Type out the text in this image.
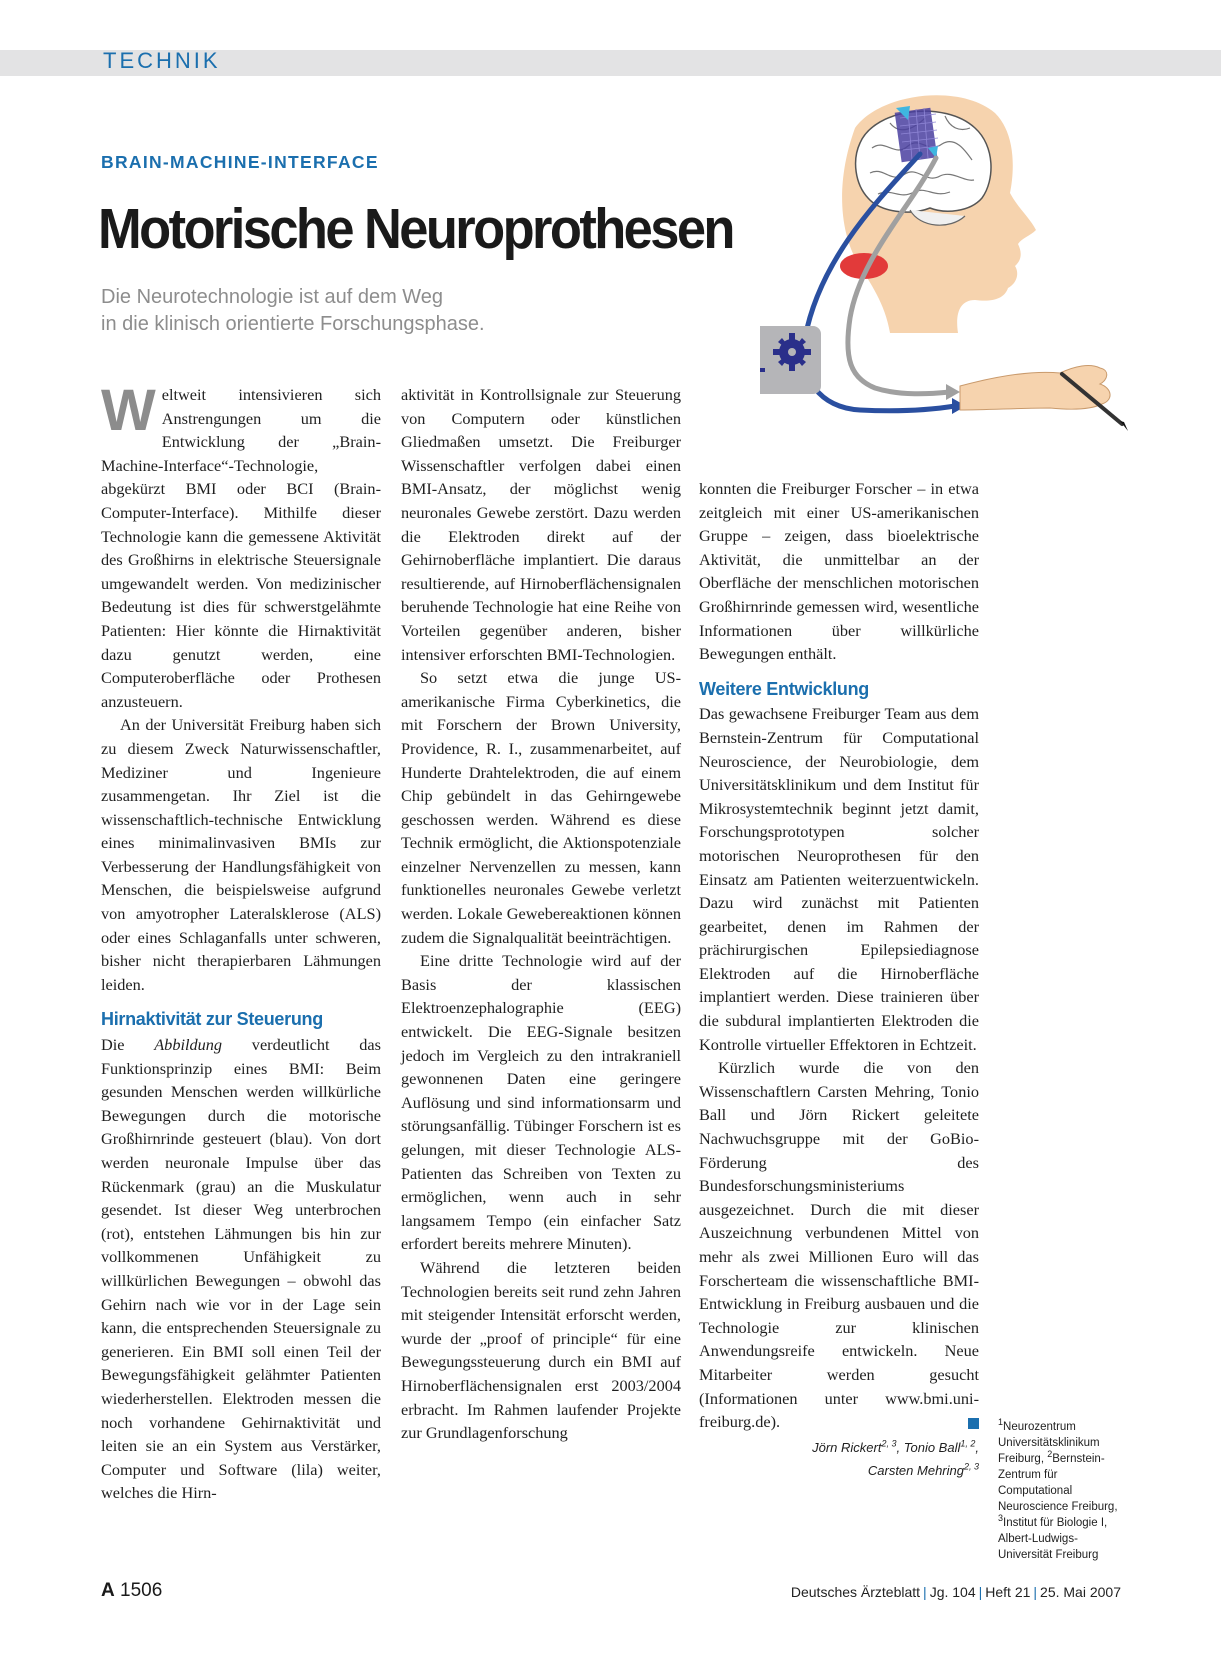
TECHNIK
BRAIN-MACHINE-INTERFACE
Motorische Neuroprothesen
Die Neurotechnologie ist auf dem Weg
in die klinisch orientierte Forschungsphase.

Weltweit intensivieren sich Anstrengungen um die Entwicklung der „Brain-Machine-Interface“-Technologie, abgekürzt BMI oder BCI (Brain-Computer-Interface). Mithilfe dieser Technologie kann die gemessene Aktivität des Großhirns in elektrische Steuersignale umgewandelt werden. Von medizinischer Bedeutung ist dies für schwerstgelähmte Patienten: Hier könnte die Hirnaktivität dazu genutzt werden, eine Computeroberfläche oder Prothesen anzusteuern.

An der Universität Freiburg haben sich zu diesem Zweck Naturwissenschaftler, Mediziner und Ingenieure zusammengetan. Ihr Ziel ist die wissenschaftlich-technische Entwicklung eines minimalinvasiven BMIs zur Verbesserung der Handlungsfähigkeit von Menschen, die beispielsweise aufgrund von amyotropher Lateralsklerose (ALS) oder eines Schlaganfalls unter schweren, bisher nicht therapierbaren Lähmungen leiden.

Hirnaktivität zur Steuerung

Die Abbildung verdeutlicht das Funktionsprinzip eines BMI: Beim gesunden Menschen werden willkürliche Bewegungen durch die motorische Großhirnrinde gesteuert (blau). Von dort werden neuronale Impulse über das Rückenmark (grau) an die Muskulatur gesendet. Ist dieser Weg unterbrochen (rot), entstehen Lähmungen bis hin zur vollkommenen Unfähigkeit zu willkürlichen Bewegungen – obwohl das Gehirn nach wie vor in der Lage sein kann, die entsprechenden Steuersignale zu generieren. Ein BMI soll einen Teil der Bewegungsfähigkeit gelähmter Patienten wiederherstellen. Elektroden messen die noch vorhandene Gehirnaktivität und leiten sie an ein System aus Verstärker, Computer und Software (lila) weiter, welches die Hirn-

aktivität in Kontrollsignale zur Steuerung von Computern oder künstlichen Gliedmaßen umsetzt. Die Freiburger Wissenschaftler verfolgen dabei einen BMI-Ansatz, der möglichst wenig neuronales Gewebe zerstört. Dazu werden die Elektroden direkt auf der Gehirnoberfläche implantiert. Die daraus resultierende, auf Hirnoberflächensignalen beruhende Technologie hat eine Reihe von Vorteilen gegenüber anderen, bisher intensiver erforschten BMI-Technologien.

So setzt etwa die junge US-amerikanische Firma Cyberkinetics, die mit Forschern der Brown University, Providence, R. I., zusammenarbeitet, auf Hunderte Drahtelektroden, die auf einem Chip gebündelt in das Gehirngewebe geschossen werden. Während es diese Technik ermöglicht, die Aktionspotenziale einzelner Nervenzellen zu messen, kann funktionelles neuronales Gewebe verletzt werden. Lokale Gewebereaktionen können zudem die Signalqualität beeinträchtigen.

Eine dritte Technologie wird auf der Basis der klassischen Elektroenzephalographie (EEG) entwickelt. Die EEG-Signale besitzen jedoch im Vergleich zu den intrakraniell gewonnenen Daten eine geringere Auflösung und sind informationsarm und störungsanfällig. Tübinger Forschern ist es gelungen, mit dieser Technologie ALS-Patienten das Schreiben von Texten zu ermöglichen, wenn auch in sehr langsamem Tempo (ein einfacher Satz erfordert bereits mehrere Minuten).

Während die letzteren beiden Technologien bereits seit rund zehn Jahren mit steigender Intensität erforscht werden, wurde der „proof of principle“ für eine Bewegungssteuerung durch ein BMI auf Hirnoberflächensignalen erst 2003/2004 erbracht. Im Rahmen laufender Projekte zur Grundlagenforschung

konnten die Freiburger Forscher – in etwa zeitgleich mit einer US-amerikanischen Gruppe – zeigen, dass bioelektrische Aktivität, die unmittelbar an der Oberfläche der menschlichen motorischen Großhirnrinde gemessen wird, wesentliche Informationen über willkürliche Bewegungen enthält.

Weitere Entwicklung

Das gewachsene Freiburger Team aus dem Bernstein-Zentrum für Computational Neuroscience, der Neurobiologie, dem Universitätsklinikum und dem Institut für Mikrosystemtechnik beginnt jetzt damit, Forschungsprototypen solcher motorischen Neuroprothesen für den Einsatz am Patienten weiterzuentwickeln. Dazu wird zunächst mit Patienten gearbeitet, denen im Rahmen der prächirurgischen Epilepsiediagnose Elektroden auf die Hirnoberfläche implantiert werden. Diese trainieren über die subdural implantierten Elektroden die Kontrolle virtueller Effektoren in Echtzeit.

Kürzlich wurde die von den Wissenschaftlern Carsten Mehring, Tonio Ball und Jörn Rickert geleitete Nachwuchsgruppe mit der GoBio-Förderung des Bundesforschungsministeriums ausgezeichnet. Durch die mit dieser Auszeichnung verbundenen Mittel von mehr als zwei Millionen Euro will das Forscherteam die wissenschaftliche BMI-Entwicklung in Freiburg ausbauen und die Technologie zur klinischen Anwendungsreife entwickeln. Neue Mitarbeiter werden gesucht (Informationen unter www.bmi.uni-freiburg.de).

Jörn Rickert$^{2, 3}$, Tonio Ball$^{1, 2}$,
Carsten Mehring$^{2, 3}$
$^1$Neurozentrum Universitätsklinikum Freiburg, $^2$Bernstein-Zentrum für Computational Neuroscience Freiburg, $^3$Institut für Biologie I, Albert-Ludwigs-Universität Freiburg
A 1506	Deutsches Ärzteblatt | Jg. 104 | Heft 21 | 25. Mai 2007
